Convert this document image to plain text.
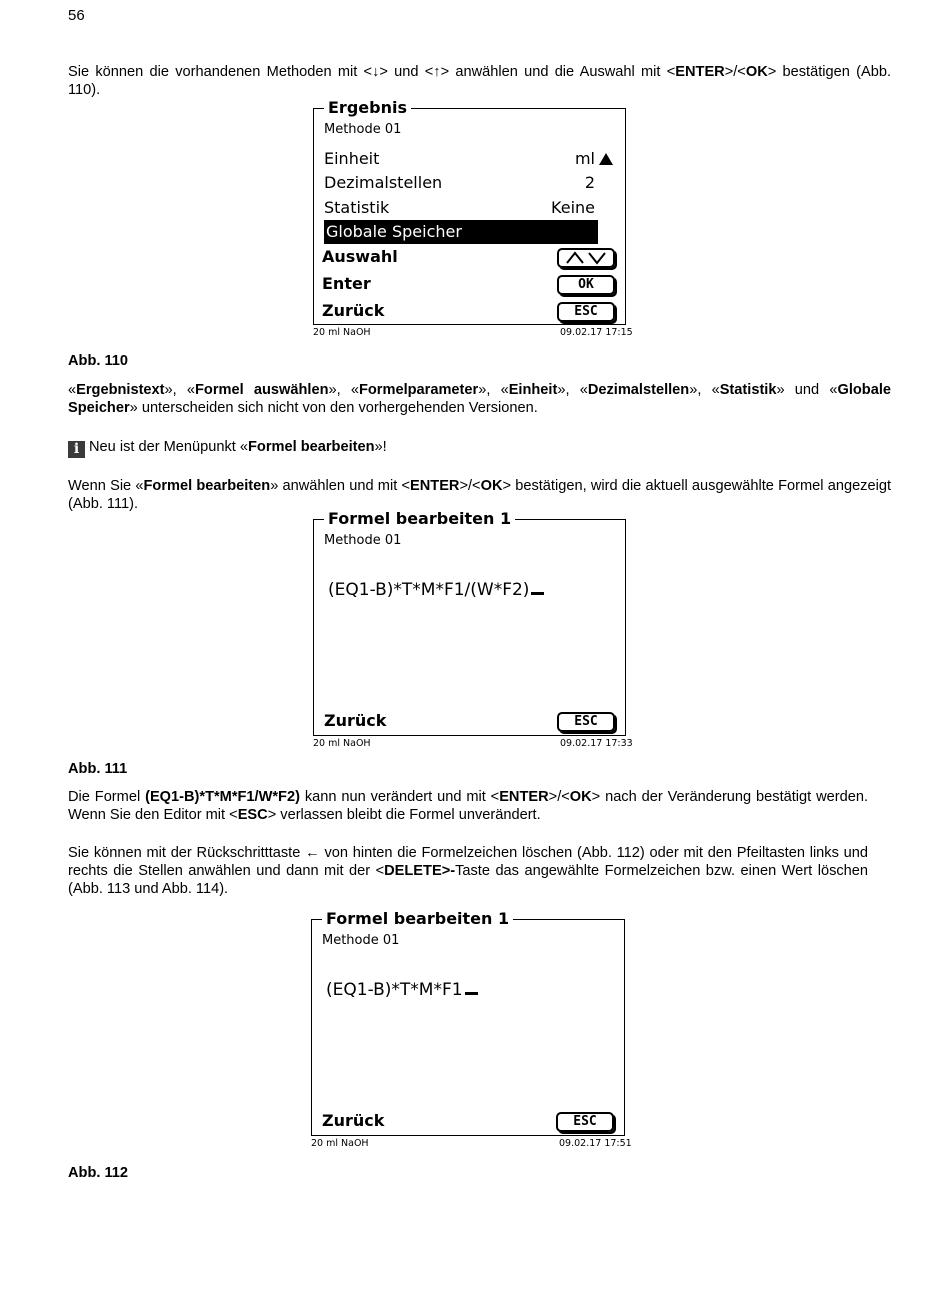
56
Sie können die vorhandenen Methoden mit <↓> und <↑> anwählen und die Auswahl mit <ENTER>/<OK> bestätigen (Abb. 110).
Ergebnis
Methode 01
Einheit	ml
Dezimalstellen	2
Statistik	Keine
Globale Speicher
Auswahl
Enter	OK
Zurück	ESC
20 ml NaOH	09.02.17 17:15
Abb. 110
«Ergebnistext», «Formel auswählen», «Formelparameter», «Einheit», «Dezimalstellen», «Statistik» und «Globale Speicher» unterscheiden sich nicht von den vorhergehenden Versionen.
i Neu ist der Menüpunkt «Formel bearbeiten»!
Wenn Sie «Formel bearbeiten» anwählen und mit <ENTER>/<OK> bestätigen, wird die aktuell ausgewählte Formel angezeigt (Abb. 111).
Formel bearbeiten 1
Methode 01
(EQ1-B)*T*M*F1/(W*F2)
Zurück	ESC
20 ml NaOH	09.02.17 17:33
Abb. 111
Die Formel (EQ1-B)*T*M*F1/W*F2) kann nun verändert und mit <ENTER>/<OK> nach der Veränderung bestätigt werden. Wenn Sie den Editor mit <ESC> verlassen bleibt die Formel unverändert.
Sie können mit der Rückschritttaste ← von hinten die Formelzeichen löschen (Abb. 112) oder mit den Pfeiltasten links und rechts die Stellen anwählen und dann mit der <DELETE>-Taste das angewählte Formelzeichen bzw. einen Wert löschen (Abb. 113 und Abb. 114).
Formel bearbeiten 1
Methode 01
(EQ1-B)*T*M*F1
Zurück	ESC
20 ml NaOH	09.02.17 17:51
Abb. 112
